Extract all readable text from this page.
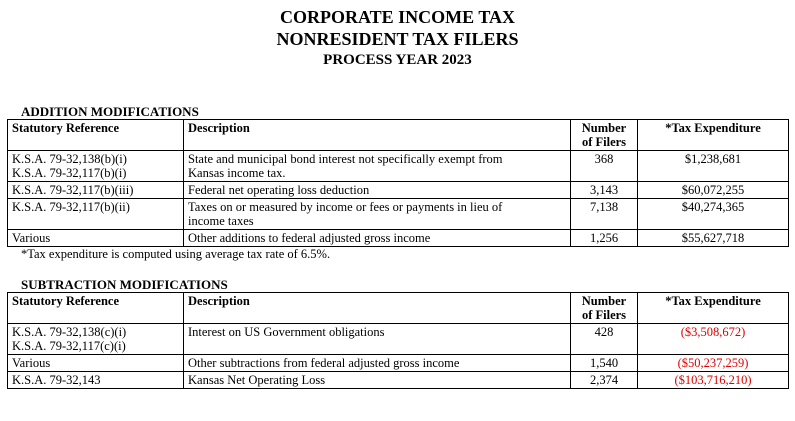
CORPORATE INCOME TAX
NONRESIDENT TAX FILERS
PROCESS YEAR 2023
ADDITION MODIFICATIONS
Statutory Reference	Description	Number
of Filers	*Tax Expenditure

K.S.A. 79-32,138(b)(i)
K.S.A. 79-32,117(b)(i)	State and municipal bond interest not specifically exempt from
Kansas income tax.	368	$1,238,681

K.S.A. 79-32,117(b)(iii)	Federal net operating loss deduction	3,143	$60,072,255

K.S.A. 79-32,117(b)(ii)	Taxes on or measured by income or fees or payments in lieu of
income taxes	7,138	$40,274,365

Various	Other additions to federal adjusted gross income	1,256	$55,627,718
*Tax expenditure is computed using average tax rate of 6.5%.
SUBTRACTION MODIFICATIONS
Statutory Reference	Description	Number
of Filers	*Tax Expenditure

K.S.A. 79-32,138(c)(i)
K.S.A. 79-32,117(c)(i)	Interest on US Government obligations	428	($3,508,672)

Various	Other subtractions from federal adjusted gross income	1,540	($50,237,259)

K.S.A. 79-32,143	Kansas Net Operating Loss	2,374	($103,716,210)
